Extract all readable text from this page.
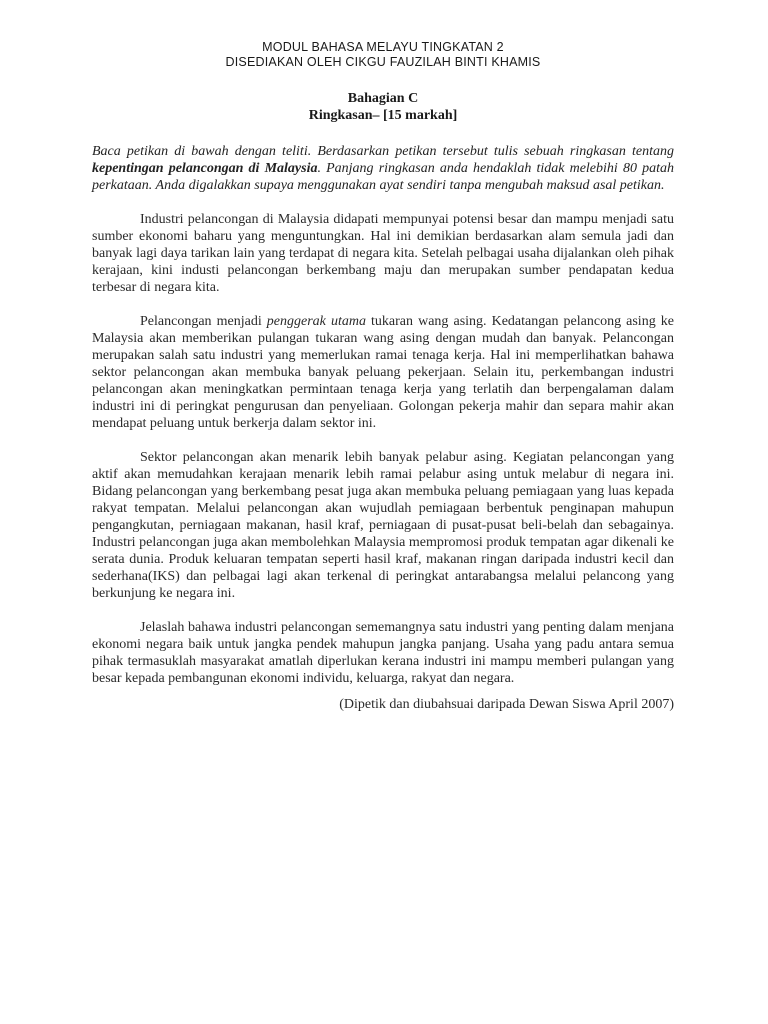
MODUL BAHASA MELAYU TINGKATAN 2
DISEDIAKAN OLEH CIKGU FAUZILAH BINTI KHAMIS
Bahagian C
Ringkasan– [15 markah]
Baca petikan di bawah dengan teliti. Berdasarkan petikan tersebut tulis sebuah ringkasan tentang kepentingan pelancongan di Malaysia. Panjang ringkasan anda hendaklah tidak melebihi 80 patah perkataan. Anda digalakkan supaya menggunakan ayat sendiri tanpa mengubah maksud asal petikan.
Industri pelancongan di Malaysia didapati mempunyai potensi besar dan mampu menjadi satu sumber ekonomi baharu yang menguntungkan. Hal ini demikian berdasarkan alam semula jadi dan banyak lagi daya tarikan lain yang terdapat di negara kita. Setelah pelbagai usaha dijalankan oleh pihak kerajaan, kini industi pelancongan berkembang maju dan merupakan sumber pendapatan kedua terbesar di negara kita.
Pelancongan menjadi penggerak utama tukaran wang asing. Kedatangan pelancong asing ke Malaysia akan memberikan pulangan tukaran wang asing dengan mudah dan banyak. Pelancongan merupakan salah satu industri yang memerlukan ramai tenaga kerja. Hal ini memperlihatkan bahawa sektor pelancongan akan membuka banyak peluang pekerjaan. Selain itu, perkembangan industri pelancongan akan meningkatkan permintaan tenaga kerja yang terlatih dan berpengalaman dalam industri ini di peringkat pengurusan dan penyeliaan. Golongan pekerja mahir dan separa mahir akan mendapat peluang untuk berkerja dalam sektor ini.
Sektor pelancongan akan menarik lebih banyak pelabur asing. Kegiatan pelancongan yang aktif akan memudahkan kerajaan menarik lebih ramai pelabur asing untuk melabur di negara ini. Bidang pelancongan yang berkembang pesat juga akan membuka peluang pemiagaan yang luas kepada rakyat tempatan. Melalui pelancongan akan wujudlah pemiagaan berbentuk penginapan mahupun pengangkutan, perniagaan makanan, hasil kraf, perniagaan di pusat-pusat beli-belah dan sebagainya. Industri pelancongan juga akan membolehkan Malaysia mempromosi produk tempatan agar dikenali ke serata dunia. Produk keluaran tempatan seperti hasil kraf, makanan ringan daripada industri kecil dan sederhana(IKS) dan pelbagai lagi akan terkenal di peringkat antarabangsa melalui pelancong yang berkunjung ke negara ini.
Jelaslah bahawa industri pelancongan sememangnya satu industri yang penting dalam menjana ekonomi negara baik untuk jangka pendek mahupun jangka panjang. Usaha yang padu antara semua pihak termasuklah masyarakat amatlah diperlukan kerana industri ini mampu memberi pulangan yang besar kepada pembangunan ekonomi individu, keluarga, rakyat dan negara.
(Dipetik dan diubahsuai daripada Dewan Siswa April 2007)
